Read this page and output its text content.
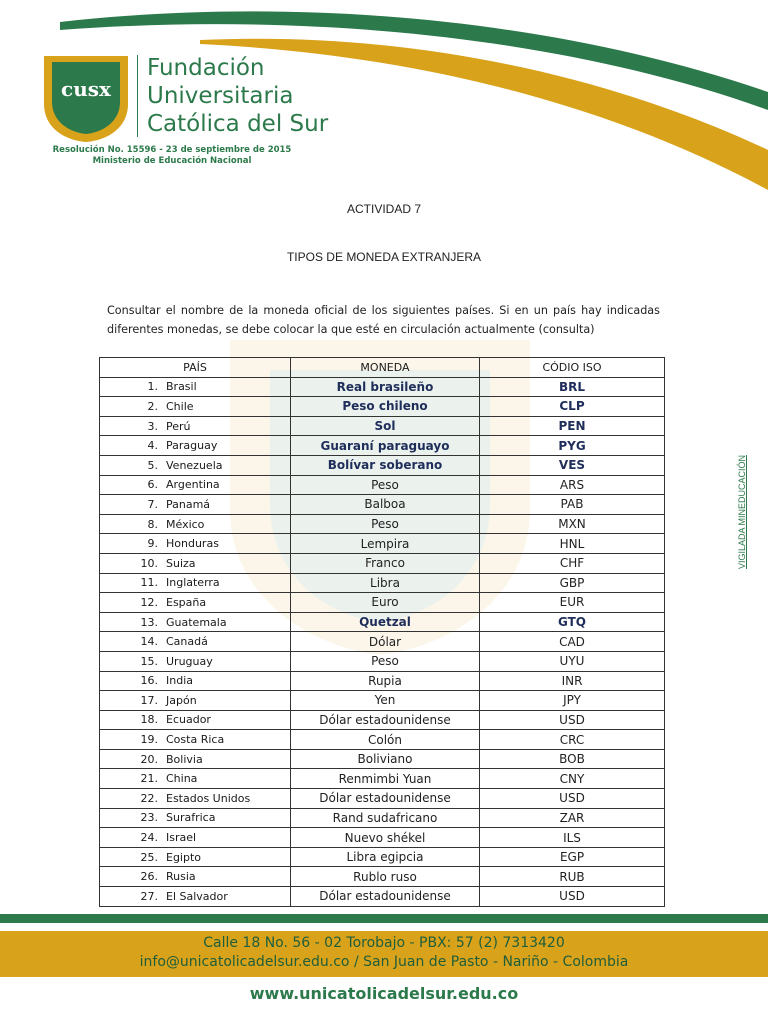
cusx
Fundación
Universitaria
Católica del Sur
Resolución No. 15596 - 23 de septiembre de 2015
Ministerio de Educación Nacional
ACTIVIDAD 7
TIPOS DE MONEDA EXTRANJERA
Consultar el nombre de la moneda oficial de los siguientes países. Si en un país hay indicadas diferentes monedas, se debe colocar la que esté en circulación actualmente (consulta)
VIGILADA MINEDUCACIÓN
PAÍS	MONEDA	CÓDIO ISO
1. Brasil	Real brasileño	BRL
2. Chile	Peso chileno	CLP
3. Perú	Sol	PEN
4. Paraguay	Guaraní paraguayo	PYG
5. Venezuela	Bolívar soberano	VES
6. Argentina	Peso	ARS
7. Panamá	Balboa	PAB
8. México	Peso	MXN
9. Honduras	Lempira	HNL
10. Suiza	Franco	CHF
11. Inglaterra	Libra	GBP
12. España	Euro	EUR
13. Guatemala	Quetzal	GTQ
14. Canadá	Dólar	CAD
15. Uruguay	Peso	UYU
16. India	Rupia	INR
17. Japón	Yen	JPY
18. Ecuador	Dólar estadounidense	USD
19. Costa Rica	Colón	CRC
20. Bolivia	Boliviano	BOB
21. China	Renmimbi Yuan	CNY
22. Estados Unidos	Dólar estadounidense	USD
23. Surafrica	Rand sudafricano	ZAR
24. Israel	Nuevo shékel	ILS
25. Egipto	Libra egipcia	EGP
26. Rusia	Rublo ruso	RUB
27. El Salvador	Dólar estadounidense	USD
Calle 18 No. 56 - 02 Torobajo - PBX: 57 (2) 7313420
info@unicatolicadelsur.edu.co / San Juan de Pasto - Nariño - Colombia
www.unicatolicadelsur.edu.co
